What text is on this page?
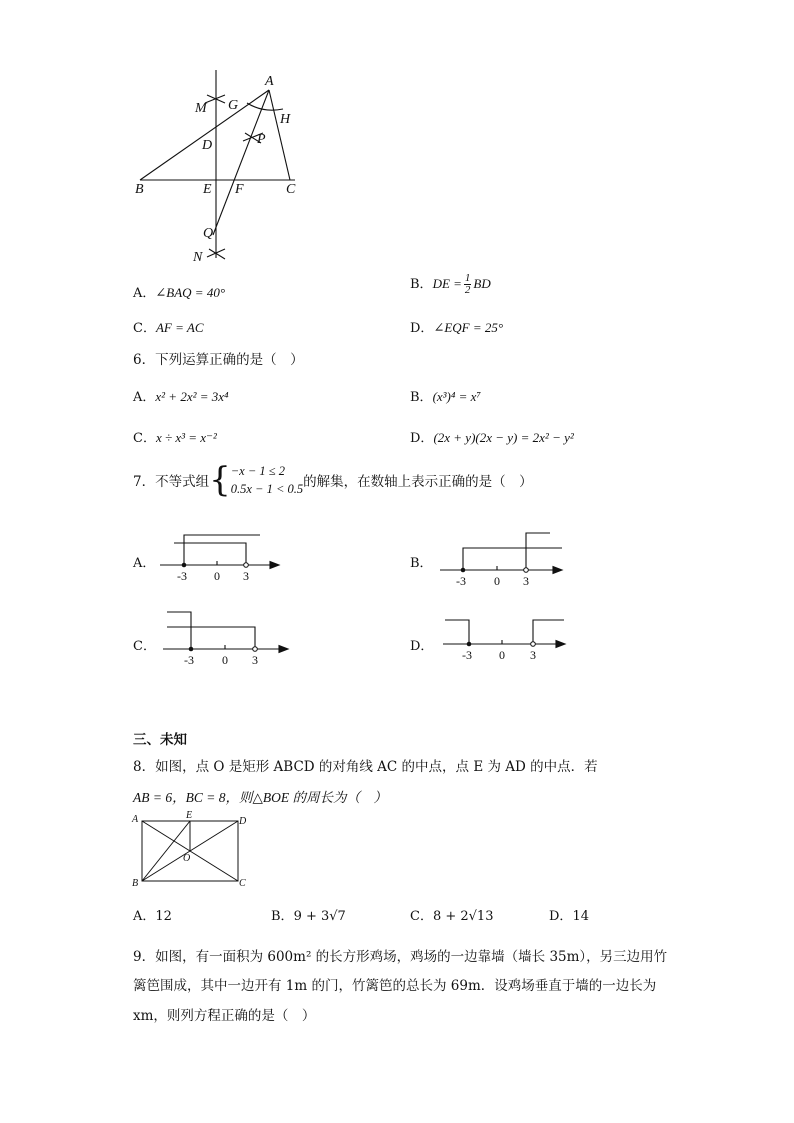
A
M G
H
D	P
B	E F	C
Q
N
A．∠BAQ = 40°
B．DE = $\frac{1}{2}$ BD
C．AF = AC	D．∠EQF = 25°
6．下列运算正确的是（　）
A．x² + 2x² = 3x⁴	B．(x³)⁴ = x⁷
C．x ÷ x³ = x⁻²	D．(2x + y)(2x − y) = 2x² − y²
7．不等式组{ −x − 1 ≤ 2
0.5x − 1 < 0.5 的解集，在数轴上表示正确的是（　）
A．	B．
C．	D．
-3 0 3	-3 0 3
-3 0 3	-3 0 3
三、未知
8．如图，点 O 是矩形 ABCD 的对角线 AC 的中点，点 E 为 AD 的中点．若
AB = 6，BC = 8，则△BOE 的周长为（　）
A	E
D
O
B	C
A．12	B．9 + 3√7	C．8 + 2√13	D．14
9．如图，有一面积为 600m² 的长方形鸡场，鸡场的一边靠墙（墙长 35m），另三边用竹
篱笆围成，其中一边开有 1m 的门，竹篱笆的总长为 69m．设鸡场垂直于墙的一边长为
xm，则列方程正确的是（　）
